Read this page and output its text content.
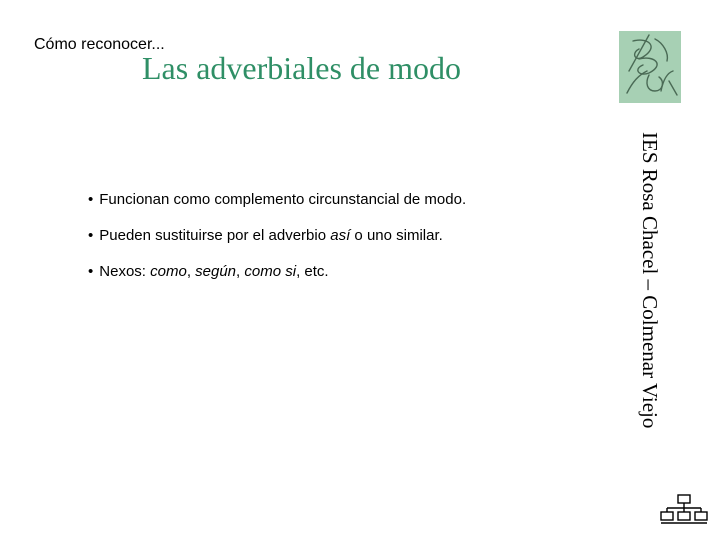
Cómo reconocer...
Las adverbiales de modo
IES Rosa Chacel – Colmenar Viejo
• Funcionan como complemento circunstancial de modo.
• Pueden sustituirse por el adverbio así o uno similar.
• Nexos: como, según, como si, etc.
